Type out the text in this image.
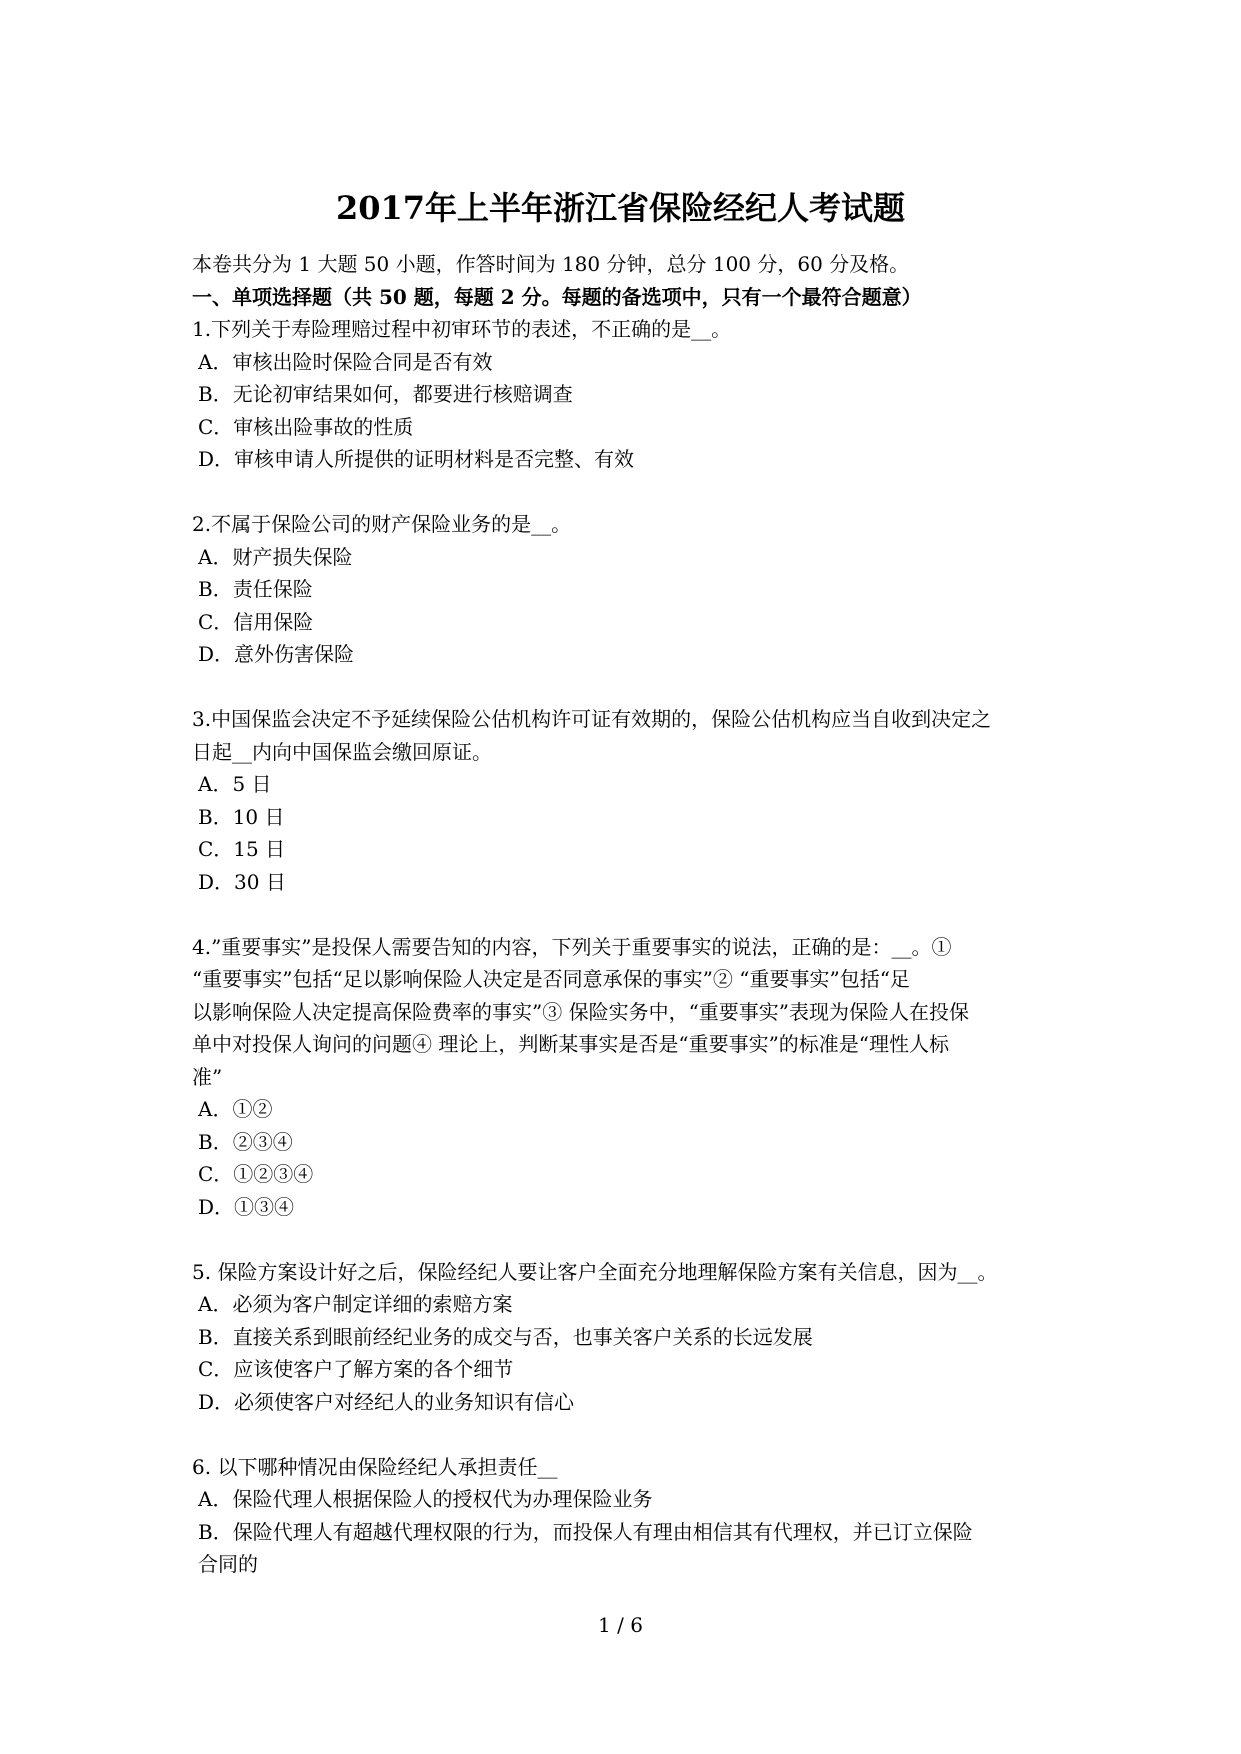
2017年上半年浙江省保险经纪人考试题

本卷共分为 1 大题 50 小题，作答时间为 180 分钟，总分 100 分，60 分及格。

一、单项选择题（共 50 题，每题 2 分。每题的备选项中，只有一个最符合题意）

1.下列关于寿险理赔过程中初审环节的表述，不正确的是__。

A．审核出险时保险合同是否有效

B．无论初审结果如何，都要进行核赔调查

C．审核出险事故的性质

D．审核申请人所提供的证明材料是否完整、有效

2.不属于保险公司的财产保险业务的是__。

A．财产损失保险

B．责任保险

C．信用保险

D．意外伤害保险

3.中国保监会决定不予延续保险公估机构许可证有效期的，保险公估机构应当自收到决定之
日起__内向中国保监会缴回原证。

A．5 日

B．10 日

C．15 日

D．30 日

4.”重要事实”是投保人需要告知的内容，下列关于重要事实的说法，正确的是：__。①
“重要事实”包括“足以影响保险人决定是否同意承保的事实”② “重要事实”包括“足
以影响保险人决定提高保险费率的事实”③ 保险实务中，“重要事实”表现为保险人在投保
单中对投保人询问的问题④ 理论上，判断某事实是否是“重要事实”的标准是“理性人标
准”

A．①②

B．②③④

C．①②③④

D．①③④

5. 保险方案设计好之后，保险经纪人要让客户全面充分地理解保险方案有关信息，因为__。

A．必须为客户制定详细的索赔方案

B．直接关系到眼前经纪业务的成交与否，也事关客户关系的长远发展

C．应该使客户了解方案的各个细节

D．必须使客户对经纪人的业务知识有信心

6. 以下哪种情况由保险经纪人承担责任__

A．保险代理人根据保险人的授权代为办理保险业务

B．保险代理人有超越代理权限的行为，而投保人有理由相信其有代理权，并已订立保险

合同的

1 / 6
